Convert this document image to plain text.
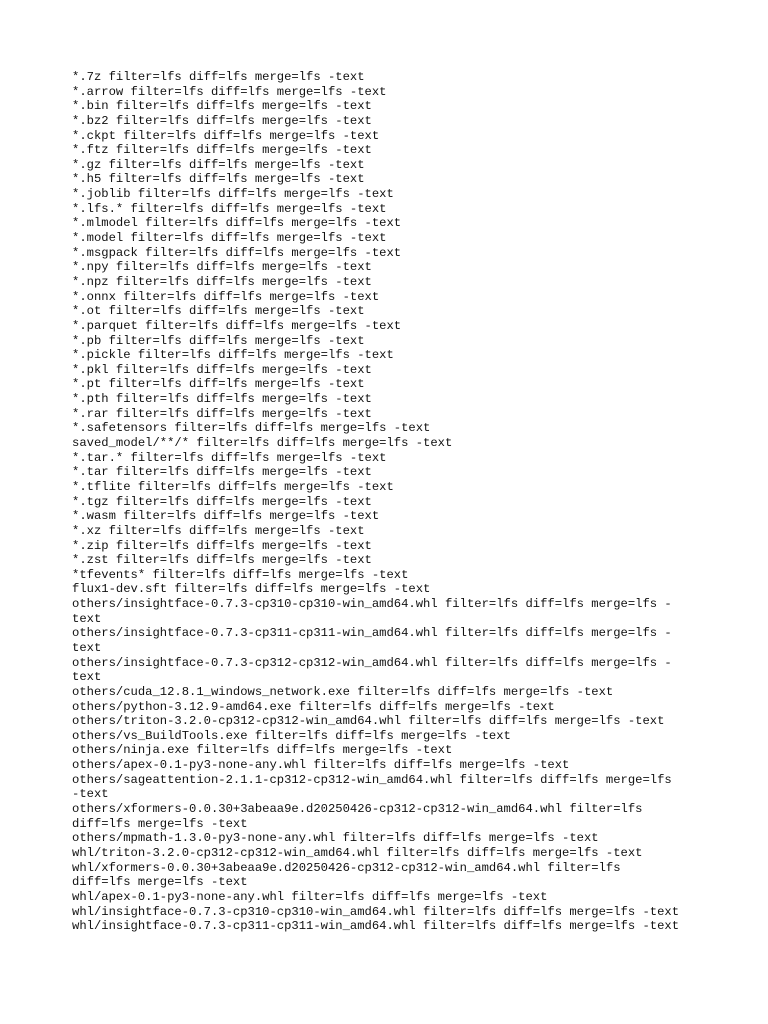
*.7z filter=lfs diff=lfs merge=lfs -text
*.arrow filter=lfs diff=lfs merge=lfs -text
*.bin filter=lfs diff=lfs merge=lfs -text
*.bz2 filter=lfs diff=lfs merge=lfs -text
*.ckpt filter=lfs diff=lfs merge=lfs -text
*.ftz filter=lfs diff=lfs merge=lfs -text
*.gz filter=lfs diff=lfs merge=lfs -text
*.h5 filter=lfs diff=lfs merge=lfs -text
*.joblib filter=lfs diff=lfs merge=lfs -text
*.lfs.* filter=lfs diff=lfs merge=lfs -text
*.mlmodel filter=lfs diff=lfs merge=lfs -text
*.model filter=lfs diff=lfs merge=lfs -text
*.msgpack filter=lfs diff=lfs merge=lfs -text
*.npy filter=lfs diff=lfs merge=lfs -text
*.npz filter=lfs diff=lfs merge=lfs -text
*.onnx filter=lfs diff=lfs merge=lfs -text
*.ot filter=lfs diff=lfs merge=lfs -text
*.parquet filter=lfs diff=lfs merge=lfs -text
*.pb filter=lfs diff=lfs merge=lfs -text
*.pickle filter=lfs diff=lfs merge=lfs -text
*.pkl filter=lfs diff=lfs merge=lfs -text
*.pt filter=lfs diff=lfs merge=lfs -text
*.pth filter=lfs diff=lfs merge=lfs -text
*.rar filter=lfs diff=lfs merge=lfs -text
*.safetensors filter=lfs diff=lfs merge=lfs -text
saved_model/**/* filter=lfs diff=lfs merge=lfs -text
*.tar.* filter=lfs diff=lfs merge=lfs -text
*.tar filter=lfs diff=lfs merge=lfs -text
*.tflite filter=lfs diff=lfs merge=lfs -text
*.tgz filter=lfs diff=lfs merge=lfs -text
*.wasm filter=lfs diff=lfs merge=lfs -text
*.xz filter=lfs diff=lfs merge=lfs -text
*.zip filter=lfs diff=lfs merge=lfs -text
*.zst filter=lfs diff=lfs merge=lfs -text
*tfevents* filter=lfs diff=lfs merge=lfs -text
flux1-dev.sft filter=lfs diff=lfs merge=lfs -text
others/insightface-0.7.3-cp310-cp310-win_amd64.whl filter=lfs diff=lfs merge=lfs -
text
others/insightface-0.7.3-cp311-cp311-win_amd64.whl filter=lfs diff=lfs merge=lfs -
text
others/insightface-0.7.3-cp312-cp312-win_amd64.whl filter=lfs diff=lfs merge=lfs -
text
others/cuda_12.8.1_windows_network.exe filter=lfs diff=lfs merge=lfs -text
others/python-3.12.9-amd64.exe filter=lfs diff=lfs merge=lfs -text
others/triton-3.2.0-cp312-cp312-win_amd64.whl filter=lfs diff=lfs merge=lfs -text
others/vs_BuildTools.exe filter=lfs diff=lfs merge=lfs -text
others/ninja.exe filter=lfs diff=lfs merge=lfs -text
others/apex-0.1-py3-none-any.whl filter=lfs diff=lfs merge=lfs -text
others/sageattention-2.1.1-cp312-cp312-win_amd64.whl filter=lfs diff=lfs merge=lfs
-text
others/xformers-0.0.30+3abeaa9e.d20250426-cp312-cp312-win_amd64.whl filter=lfs
diff=lfs merge=lfs -text
others/mpmath-1.3.0-py3-none-any.whl filter=lfs diff=lfs merge=lfs -text
whl/triton-3.2.0-cp312-cp312-win_amd64.whl filter=lfs diff=lfs merge=lfs -text
whl/xformers-0.0.30+3abeaa9e.d20250426-cp312-cp312-win_amd64.whl filter=lfs
diff=lfs merge=lfs -text
whl/apex-0.1-py3-none-any.whl filter=lfs diff=lfs merge=lfs -text
whl/insightface-0.7.3-cp310-cp310-win_amd64.whl filter=lfs diff=lfs merge=lfs -text
whl/insightface-0.7.3-cp311-cp311-win_amd64.whl filter=lfs diff=lfs merge=lfs -text
